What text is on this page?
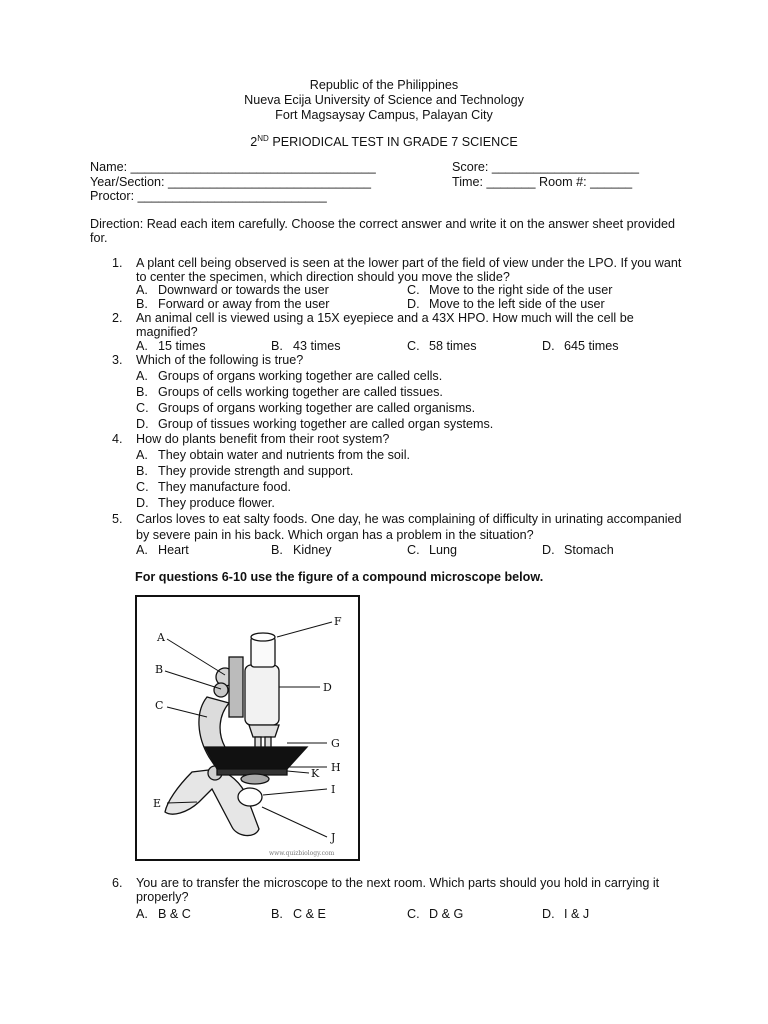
Republic of the Philippines
Nueva Ecija University of Science and Technology
Fort Magsaysay Campus, Palayan City
2ND PERIODICAL TEST IN GRADE 7 SCIENCE
Name: ___________________________________	Score: _____________________
Year/Section: _____________________________	Time: _______ Room #: ______
Proctor: ___________________________
Direction: Read each item carefully. Choose the correct answer and write it on the answer sheet provided for.
1. A plant cell being observed is seen at the lower part of the field of view under the LPO. If you want to center the specimen, which direction should you move the slide?
A. Downward or towards the user	C. Move to the right side of the user
B. Forward or away from the user	D. Move to the left side of the user
2. An animal cell is viewed using a 15X eyepiece and a 43X HPO. How much will the cell be magnified?
A. 15 times	B. 43 times	C. 58 times	D. 645 times
3. Which of the following is true?
A. Groups of organs working together are called cells.
B. Groups of cells working together are called tissues.
C. Groups of organs working together are called organisms.
D. Group of tissues working together are called organ systems.
4. How do plants benefit from their root system?
A. They obtain water and nutrients from the soil.
B. They provide strength and support.
C. They manufacture food.
D. They produce flower.
5. Carlos loves to eat salty foods. One day, he was complaining of difficulty in urinating accompanied by severe pain in his back. Which organ has a problem in the situation?
A. Heart	B. Kidney	C. Lung	D. Stomach
For questions 6-10 use the figure of a compound microscope below.
A
B
C
D
E
F
G
H
I
J
K
www.quizbiology.com
6. You are to transfer the microscope to the next room. Which parts should you hold in carrying it properly?
A. B & C	B. C & E	C. D & G	D. I & J
